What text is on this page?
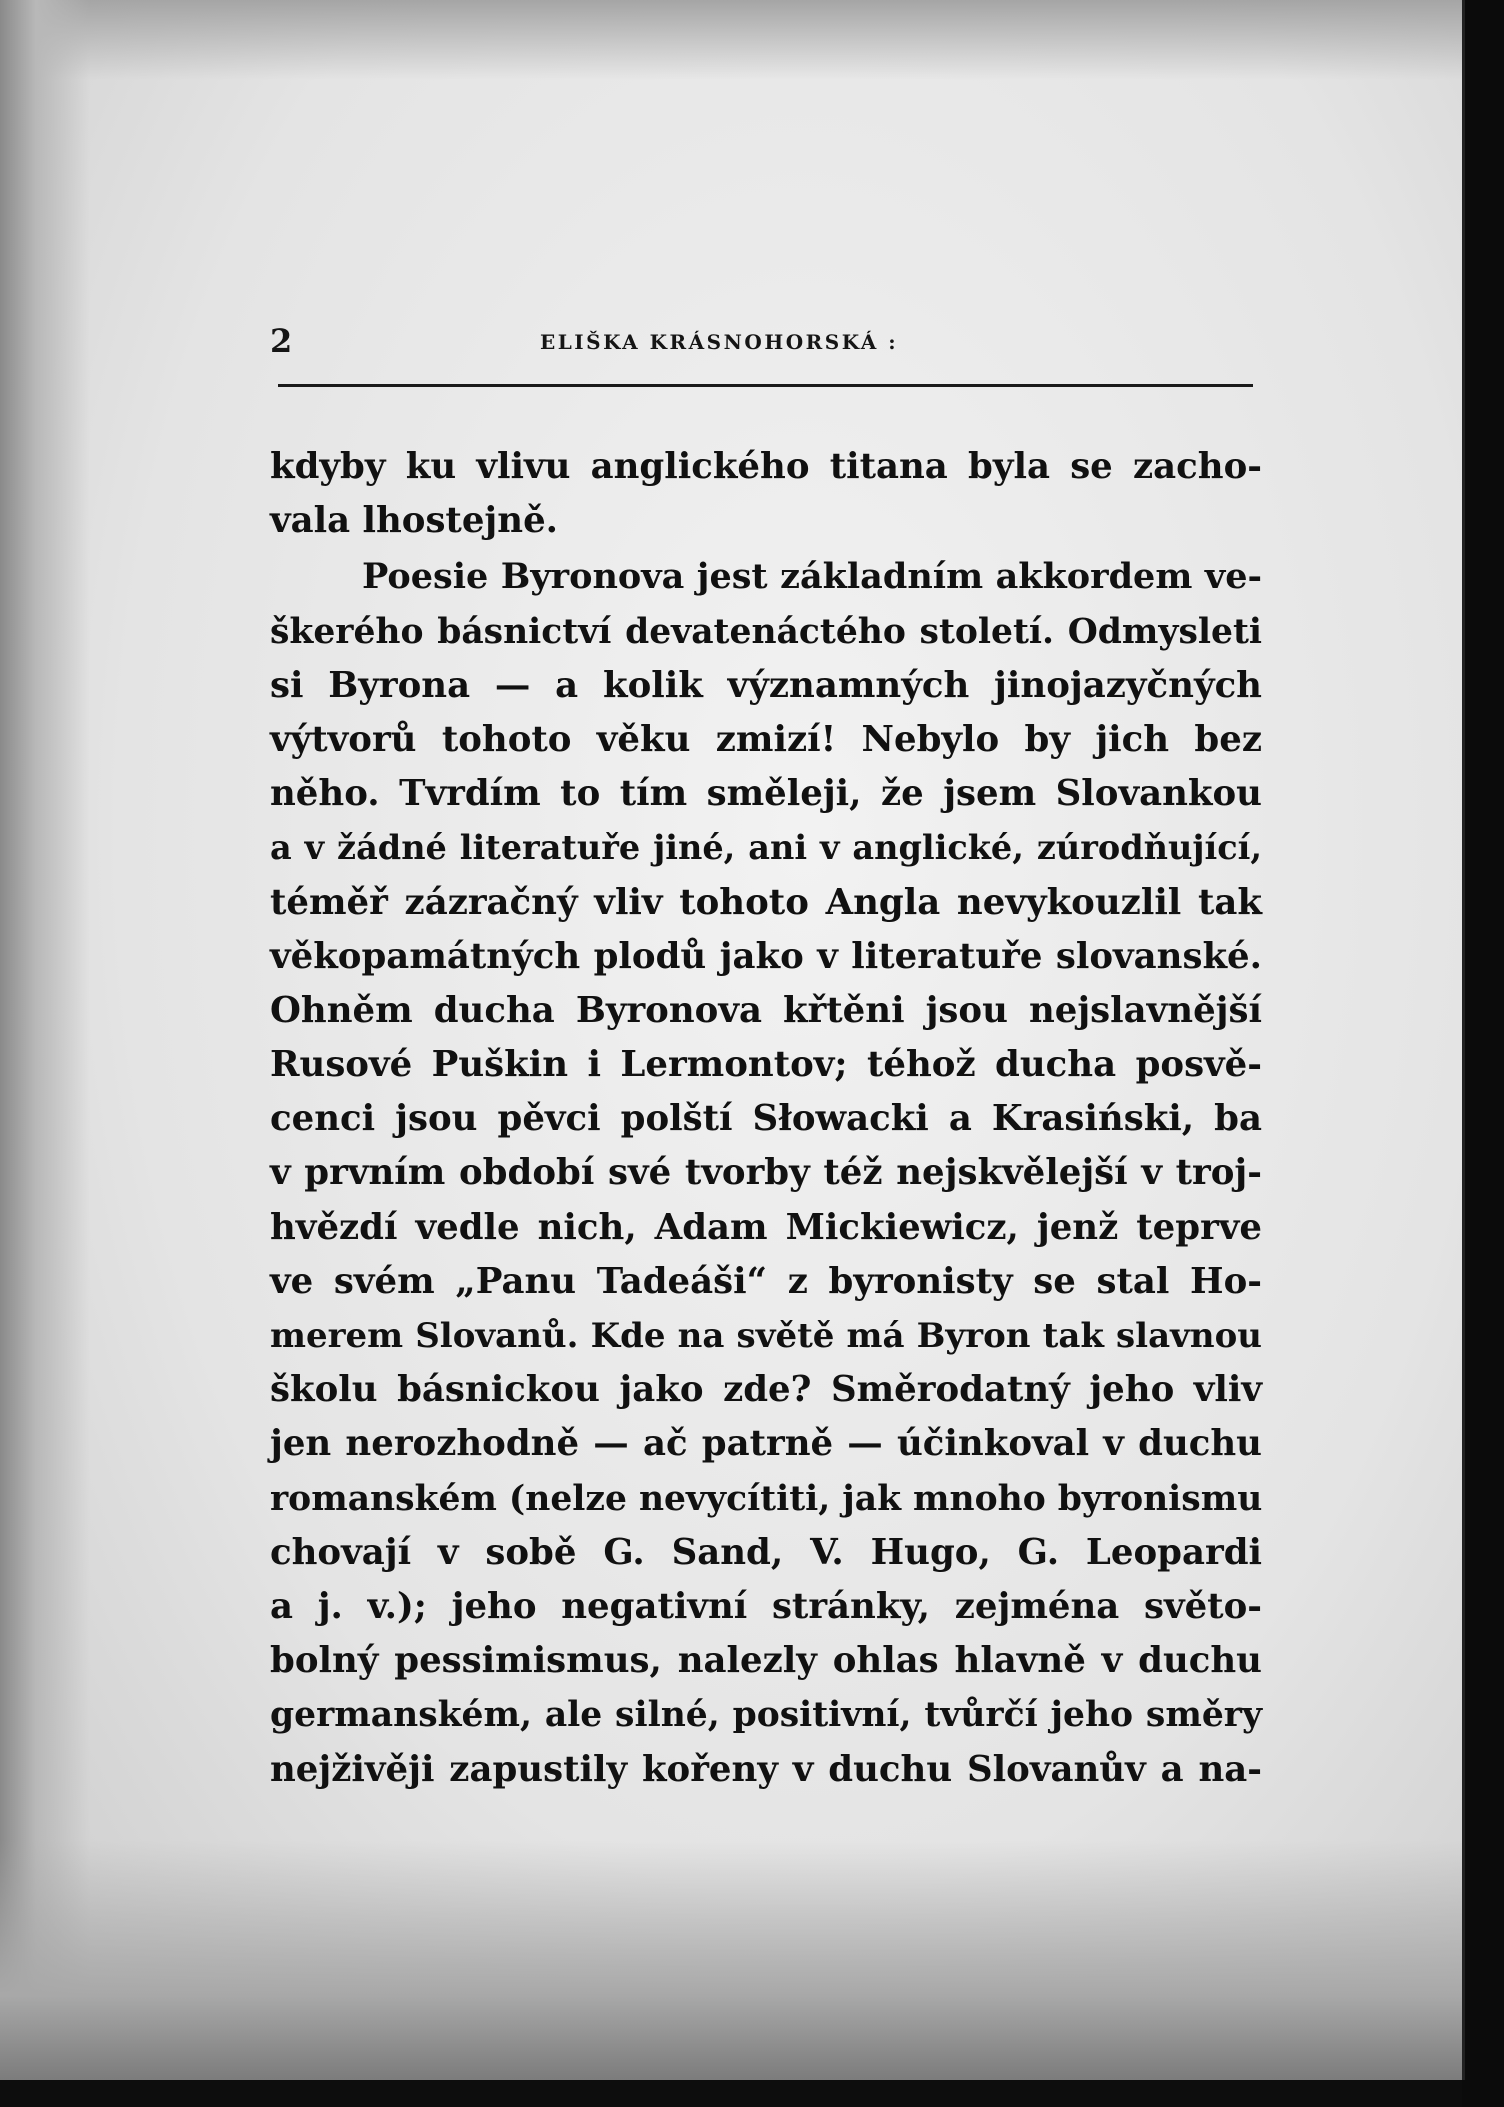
2	ELIŠKA KRÁSNOHORSKÁ :
kdyby ku vlivu anglického titana byla se zacho-
vala lhostejně.
Poesie Byronova jest základním akkordem ve-
škerého básnictví devatenáctého století. Odmysleti
si Byrona — a kolik významných jinojazyčných
výtvorů tohoto věku zmizí! Nebylo by jich bez
něho. Tvrdím to tím směleji, že jsem Slovankou
a v žádné literatuře jiné, ani v anglické, zúrodňující,
téměř zázračný vliv tohoto Angla nevykouzlil tak
věkopamátných plodů jako v literatuře slovanské.
Ohněm ducha Byronova křtěni jsou nejslavnější
Rusové Puškin i Lermontov; téhož ducha posvě-
cenci jsou pěvci polští Słowacki a Krasiński, ba
v prvním období své tvorby též nejskvělejší v troj-
hvězdí vedle nich, Adam Mickiewicz, jenž teprve
ve svém „Panu Tadeáši“ z byronisty se stal Ho-
merem Slovanů. Kde na světě má Byron tak slavnou
školu básnickou jako zde? Směrodatný jeho vliv
jen nerozhodně — ač patrně — účinkoval v duchu
romanském (nelze nevycítiti, jak mnoho byronismu
chovají v sobě G. Sand, V. Hugo, G. Leopardi
a j. v.); jeho negativní stránky, zejména světo-
bolný pessimismus, nalezly ohlas hlavně v duchu
germanském, ale silné, positivní, tvůrčí jeho směry
nejživěji zapustily kořeny v duchu Slovanův a na-
